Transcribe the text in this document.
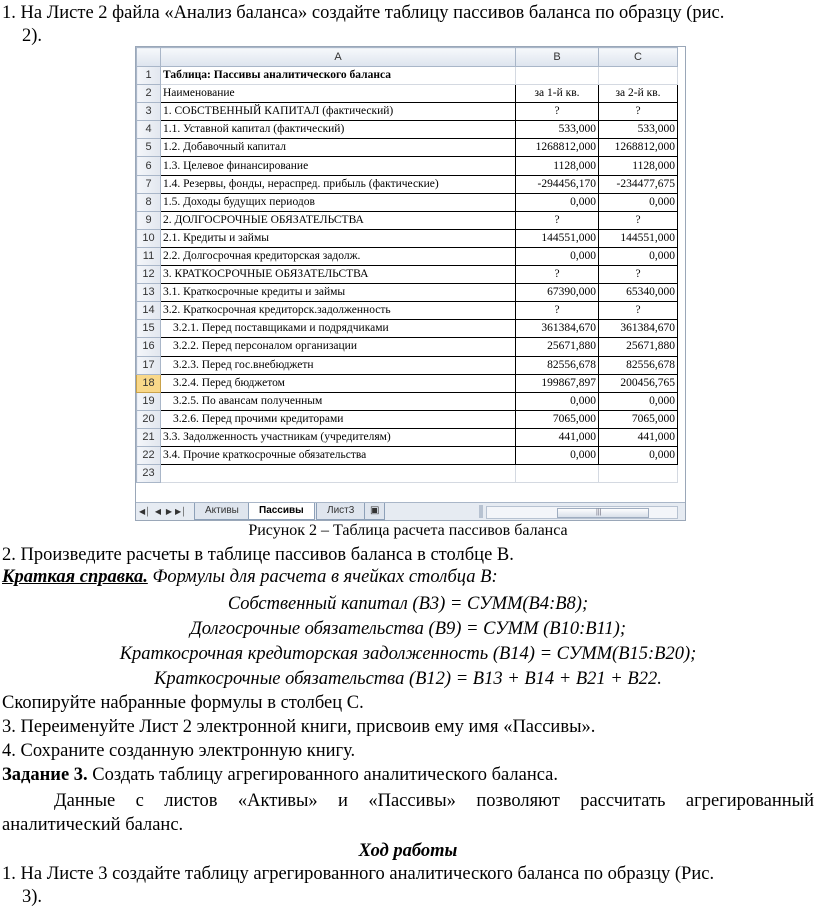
1. На Листе 2 файла «Анализ баланса» создайте таблицу пассивов баланса по образцу (рис.
2).
	A	B	C
1	Таблица: Пассивы аналитического баланса		
2	Наименование	за 1-й кв.	за 2-й кв.
3	1. СОБСТВЕННЫЙ КАПИТАЛ (фактический)	?	?
4	1.1. Уставной капитал (фактический)	533,000	533,000
5	1.2. Добавочный капитал	1268812,000	1268812,000
6	1.3. Целевое финансирование	1128,000	1128,000
7	1.4. Резервы, фонды, нераспред. прибыль (фактические)	-294456,170	-234477,675
8	1.5. Доходы будущих периодов	0,000	0,000
9	2. ДОЛГОСРОЧНЫЕ ОБЯЗАТЕЛЬСТВА	?	?
10	2.1. Кредиты и займы	144551,000	144551,000
11	2.2. Долгосрочная кредиторская задолж.	0,000	0,000
12	3. КРАТКОСРОЧНЫЕ ОБЯЗАТЕЛЬСТВА	?	?
13	3.1. Краткосрочные кредиты и займы	67390,000	65340,000
14	3.2. Краткосрочная кредиторск.задолженность	?	?
15	3.2.1. Перед поставщиками и подрядчиками	361384,670	361384,670
16	3.2.2. Перед персоналом организации	25671,880	25671,880
17	3.2.3. Перед гос.внебюджетн	82556,678	82556,678
18	3.2.4. Перед бюджетом	199867,897	200456,765
19	3.2.5. По авансам полученным	0,000	0,000
20	3.2.6. Перед прочими кредиторами	7065,000	7065,000
21	3.3. Задолженность участникам (учредителям)	441,000	441,000
22	3.4. Прочие краткосрочные обязательства	0,000	0,000
23			
◀│ ◀ ▶ ▶│	Активы	Пассивы	Лист3	▣	|||
Рисунок 2 – Таблица расчета пассивов баланса
2. Произведите расчеты в таблице пассивов баланса в столбце В.
Краткая справка. Формулы для расчета в ячейках столбца В:
Собственный капитал (В3) = СУММ(В4:В8);
Долгосрочные обязательства (В9) = СУММ (В10:В11);
Краткосрочная кредиторская задолженность (В14) = СУММ(В15:В20);
Краткосрочные обязательства (В12) = В13 + В14 + В21 + В22.
Скопируйте набранные формулы в столбец С.
3. Переименуйте Лист 2 электронной книги, присвоив ему имя «Пассивы».
4. Сохраните созданную электронную книгу.
Задание 3. Создать таблицу агрегированного аналитического баланса.
Данные с листов «Активы» и «Пассивы» позволяют рассчитать агрегированный
аналитический баланс.
Ход работы
1. На Листе 3 создайте таблицу агрегированного аналитического баланса по образцу (Рис.
3).
